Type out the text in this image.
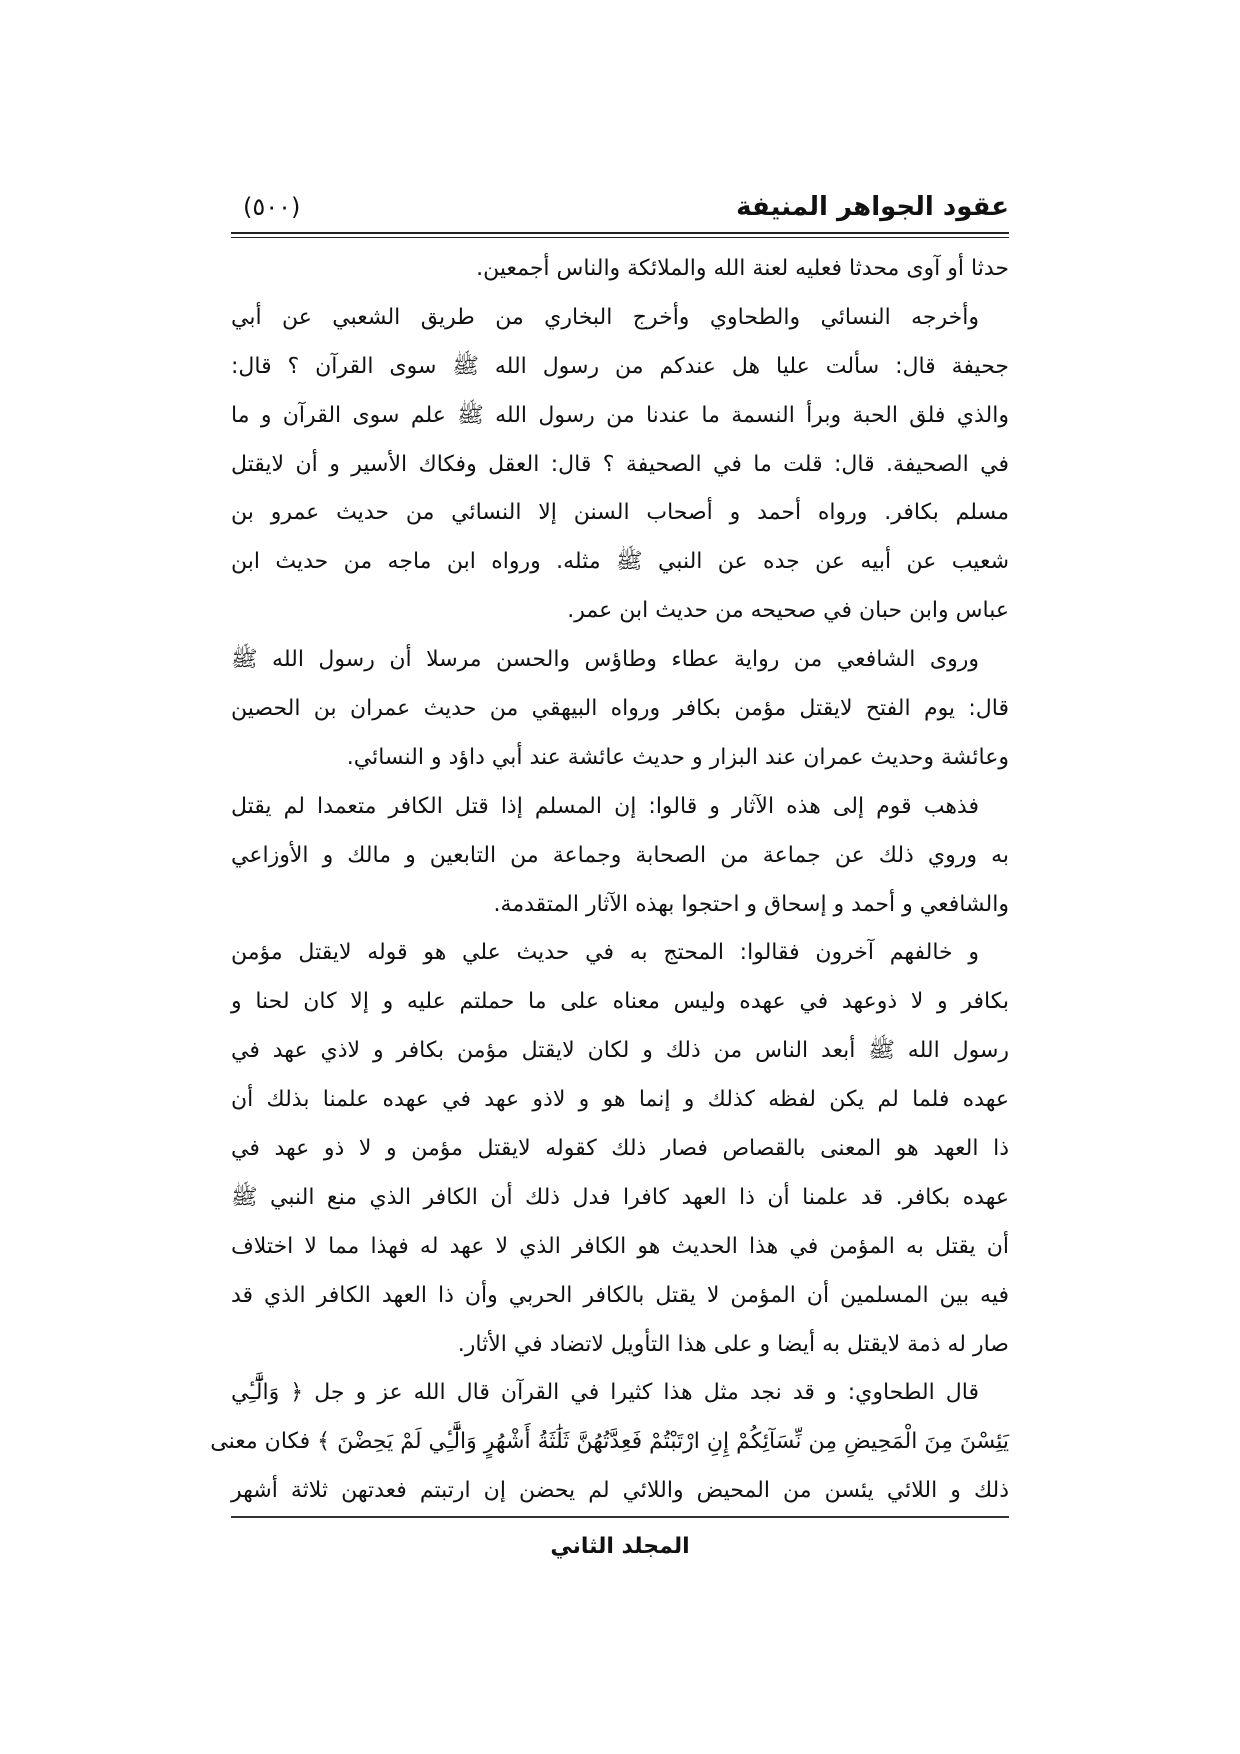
عقود الجواهر المنيفة
(٥٠٠)
حدثا أو آوى محدثا فعليه لعنة الله والملائكة والناس أجمعين.
وأخرجه النسائي والطحاوي وأخرج البخاري من طريق الشعبي عن أبي
جحيفة قال: سألت عليا هل عندكم من رسول الله ﷺ سوى القرآن ؟ قال:
والذي فلق الحبة وبرأ النسمة ما عندنا من رسول الله ﷺ علم سوى القرآن و ما
في الصحيفة. قال: قلت ما في الصحيفة ؟ قال: العقل وفكاك الأسير و أن لايقتل
مسلم بكافر. ورواه أحمد و أصحاب السنن إلا النسائي من حديث عمرو بن
شعيب عن أبيه عن جده عن النبي ﷺ مثله. ورواه ابن ماجه من حديث ابن
عباس وابن حبان في صحيحه من حديث ابن عمر.
وروى الشافعي من رواية عطاء وطاؤس والحسن مرسلا أن رسول الله ﷺ
قال: يوم الفتح لايقتل مؤمن بكافر ورواه البيهقي من حديث عمران بن الحصين
وعائشة وحديث عمران عند البزار و حديث عائشة عند أبي داؤد و النسائي.
فذهب قوم إلى هذه الآثار و قالوا: إن المسلم إذا قتل الكافر متعمدا لم يقتل
به وروي ذلك عن جماعة من الصحابة وجماعة من التابعين و مالك و الأوزاعي
والشافعي و أحمد و إسحاق و احتجوا بهذه الآثار المتقدمة.
و خالفهم آخرون فقالوا: المحتج به في حديث علي هو قوله لايقتل مؤمن
بكافر و لا ذوعهد في عهده وليس معناه على ما حملتم عليه و إلا كان لحنا و
رسول الله ﷺ أبعد الناس من ذلك و لكان لايقتل مؤمن بكافر و لاذي عهد في
عهده فلما لم يكن لفظه كذلك و إنما هو و لاذو عهد في عهده علمنا بذلك أن
ذا العهد هو المعنى بالقصاص فصار ذلك كقوله لايقتل مؤمن و لا ذو عهد في
عهده بكافر. قد علمنا أن ذا العهد كافرا فدل ذلك أن الكافر الذي منع النبي ﷺ
أن يقتل به المؤمن في هذا الحديث هو الكافر الذي لا عهد له فهذا مما لا اختلاف
فيه بين المسلمين أن المؤمن لا يقتل بالكافر الحربي وأن ذا العهد الكافر الذي قد
صار له ذمة لايقتل به أيضا و على هذا التأويل لاتضاد في الأثار.
قال الطحاوي: و قد نجد مثل هذا كثيرا في القرآن قال الله عز و جل ﴿ وَالَّٰٓـِٔي
يَئِسْنَ مِنَ الْمَحِيضِ مِن نِّسَآئِكُمْ إِنِ ارْتَبْتُمْ فَعِدَّتُهُنَّ ثَلَٰثَةُ أَشْهُرٍ وَالَّٰٓـِٔي لَمْ يَحِضْنَ ﴾ فكان معنى
ذلك و اللائي يئسن من المحيض واللائي لم يحضن إن ارتبتم فعدتهن ثلاثة أشهر
المجلد الثاني
